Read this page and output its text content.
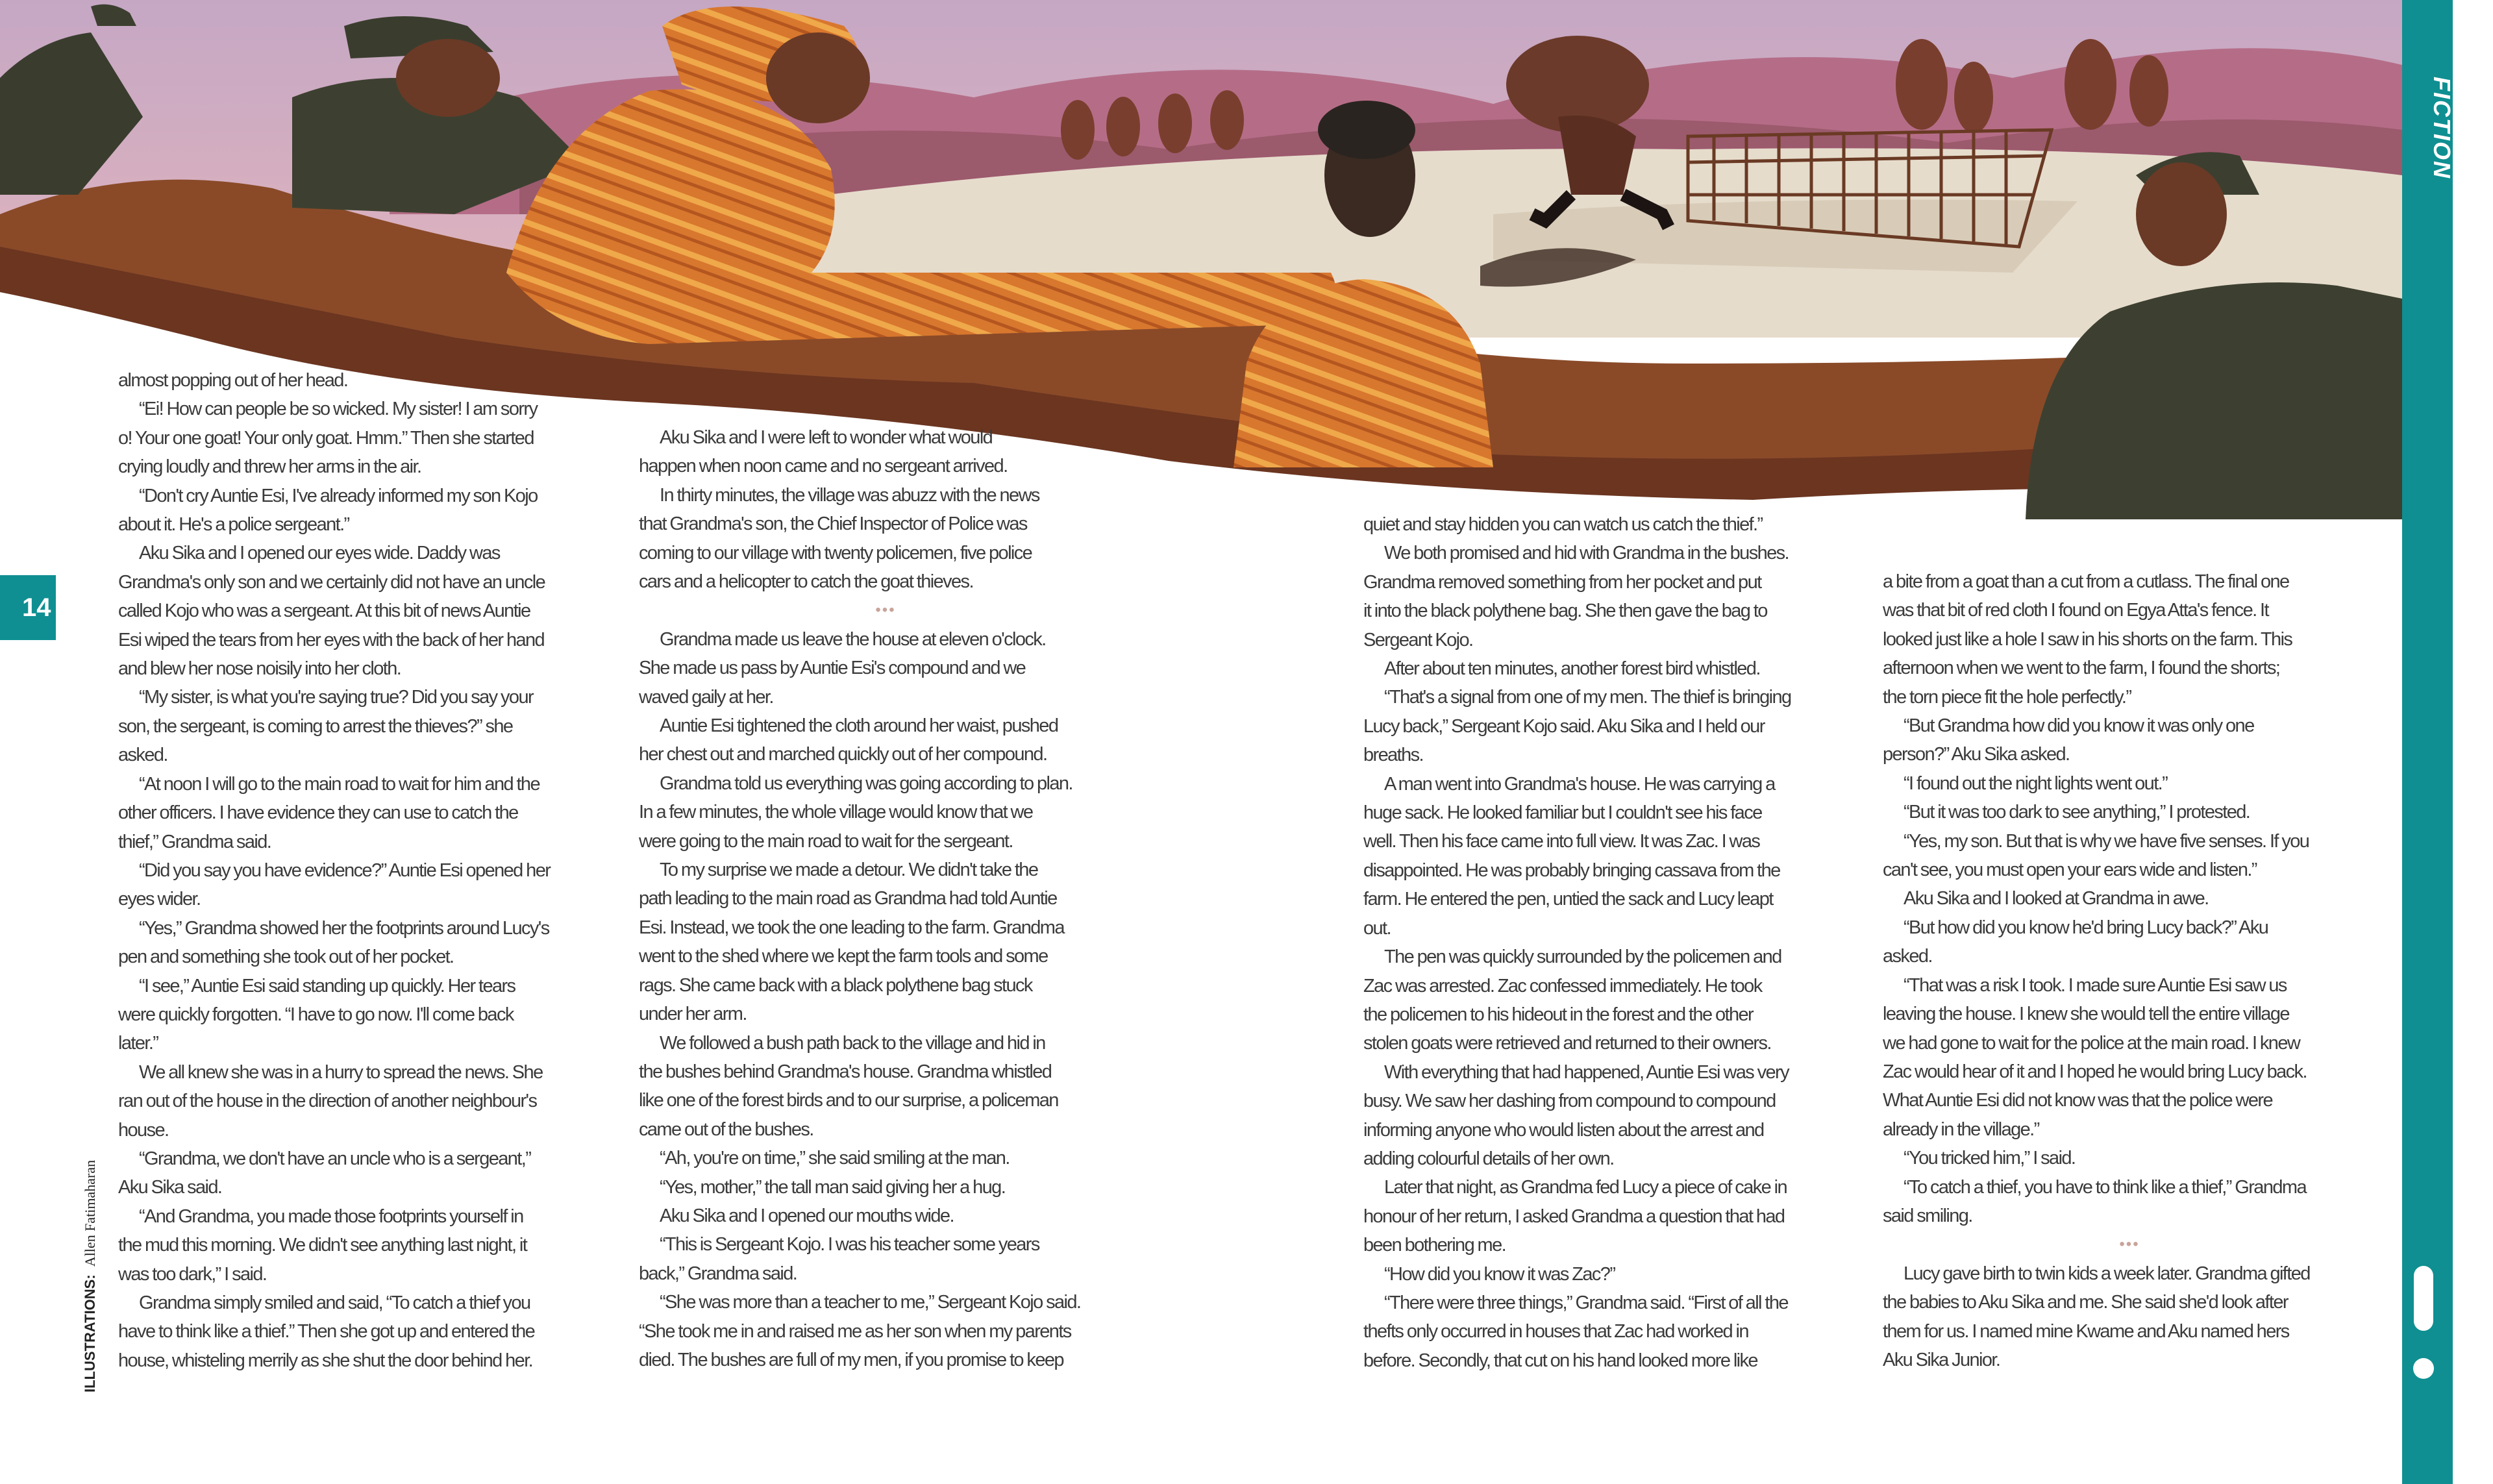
FICTION
14
ILLUSTRATIONS: Allen Fatimaharan

almost popping out of her head.

“Ei! How can people be so wicked. My sister! I am sorry

o! Your one goat! Your only goat. Hmm.” Then she started

crying loudly and threw her arms in the air.

“Don't cry Auntie Esi, I've already informed my son Kojo

about it. He's a police sergeant.”

Aku Sika and I opened our eyes wide. Daddy was

Grandma's only son and we certainly did not have an uncle

called Kojo who was a sergeant. At this bit of news Auntie

Esi wiped the tears from her eyes with the back of her hand

and blew her nose noisily into her cloth.

“My sister, is what you're saying true? Did you say your

son, the sergeant, is coming to arrest the thieves?” she

asked.

“At noon I will go to the main road to wait for him and the

other officers. I have evidence they can use to catch the

thief,” Grandma said.

“Did you say you have evidence?” Auntie Esi opened her

eyes wider.

“Yes,” Grandma showed her the footprints around Lucy's

pen and something she took out of her pocket.

“I see,” Auntie Esi said standing up quickly. Her tears

were quickly forgotten. “I have to go now. I'll come back

later.”

We all knew she was in a hurry to spread the news. She

ran out of the house in the direction of another neighbour's

house.

“Grandma, we don't have an uncle who is a sergeant,”

Aku Sika said.

“And Grandma, you made those footprints yourself in

the mud this morning. We didn't see anything last night, it

was too dark,” I said.

Grandma simply smiled and said, “To catch a thief you

have to think like a thief.” Then she got up and entered the

house, whisteling merrily as she shut the door behind her.

Aku Sika and I were left to wonder what would

happen when noon came and no sergeant arrived.

In thirty minutes, the village was abuzz with the news

that Grandma's son, the Chief Inspector of Police was

coming to our village with twenty policemen, five police

cars and a helicopter to catch the goat thieves.

•••

Grandma made us leave the house at eleven o'clock.

She made us pass by Auntie Esi's compound and we

waved gaily at her.

Auntie Esi tightened the cloth around her waist, pushed

her chest out and marched quickly out of her compound.

Grandma told us everything was going according to plan.

In a few minutes, the whole village would know that we

were going to the main road to wait for the sergeant.

To my surprise we made a detour. We didn't take the

path leading to the main road as Grandma had told Auntie

Esi. Instead, we took the one leading to the farm. Grandma

went to the shed where we kept the farm tools and some

rags. She came back with a black polythene bag stuck

under her arm.

We followed a bush path back to the village and hid in

the bushes behind Grandma's house. Grandma whistled

like one of the forest birds and to our surprise, a policeman

came out of the bushes.

“Ah, you're on time,” she said smiling at the man.

“Yes, mother,” the tall man said giving her a hug.

Aku Sika and I opened our mouths wide.

“This is Sergeant Kojo. I was his teacher some years

back,” Grandma said.

“She was more than a teacher to me,” Sergeant Kojo said.

“She took me in and raised me as her son when my parents

died. The bushes are full of my men, if you promise to keep

quiet and stay hidden you can watch us catch the thief.”

We both promised and hid with Grandma in the bushes.

Grandma removed something from her pocket and put

it into the black polythene bag. She then gave the bag to

Sergeant Kojo.

After about ten minutes, another forest bird whistled.

“That's a signal from one of my men. The thief is bringing

Lucy back,” Sergeant Kojo said. Aku Sika and I held our

breaths.

A man went into Grandma's house. He was carrying a

huge sack. He looked familiar but I couldn't see his face

well. Then his face came into full view. It was Zac. I was

disappointed. He was probably bringing cassava from the

farm. He entered the pen, untied the sack and Lucy leapt

out.

The pen was quickly surrounded by the policemen and

Zac was arrested. Zac confessed immediately. He took

the policemen to his hideout in the forest and the other

stolen goats were retrieved and returned to their owners.

With everything that had happened, Auntie Esi was very

busy. We saw her dashing from compound to compound

informing anyone who would listen about the arrest and

adding colourful details of her own.

Later that night, as Grandma fed Lucy a piece of cake in

honour of her return, I asked Grandma a question that had

been bothering me.

“How did you know it was Zac?”

“There were three things,” Grandma said. “First of all the

thefts only occurred in houses that Zac had worked in

before. Secondly, that cut on his hand looked more like

a bite from a goat than a cut from a cutlass. The final one

was that bit of red cloth I found on Egya Atta's fence. It

looked just like a hole I saw in his shorts on the farm. This

afternoon when we went to the farm, I found the shorts;

the torn piece fit the hole perfectly.”

“But Grandma how did you know it was only one

person?” Aku Sika asked.

“I found out the night lights went out.”

“But it was too dark to see anything,” I protested.

“Yes, my son. But that is why we have five senses. If you

can't see, you must open your ears wide and listen.”

Aku Sika and I looked at Grandma in awe.

“But how did you know he'd bring Lucy back?” Aku

asked.

“That was a risk I took. I made sure Auntie Esi saw us

leaving the house. I knew she would tell the entire village

we had gone to wait for the police at the main road. I knew

Zac would hear of it and I hoped he would bring Lucy back.

What Auntie Esi did not know was that the police were

already in the village.”

“You tricked him,” I said.

“To catch a thief, you have to think like a thief,” Grandma

said smiling.

•••

Lucy gave birth to twin kids a week later. Grandma gifted

the babies to Aku Sika and me. She said she'd look after

them for us. I named mine Kwame and Aku named hers

Aku Sika Junior.
